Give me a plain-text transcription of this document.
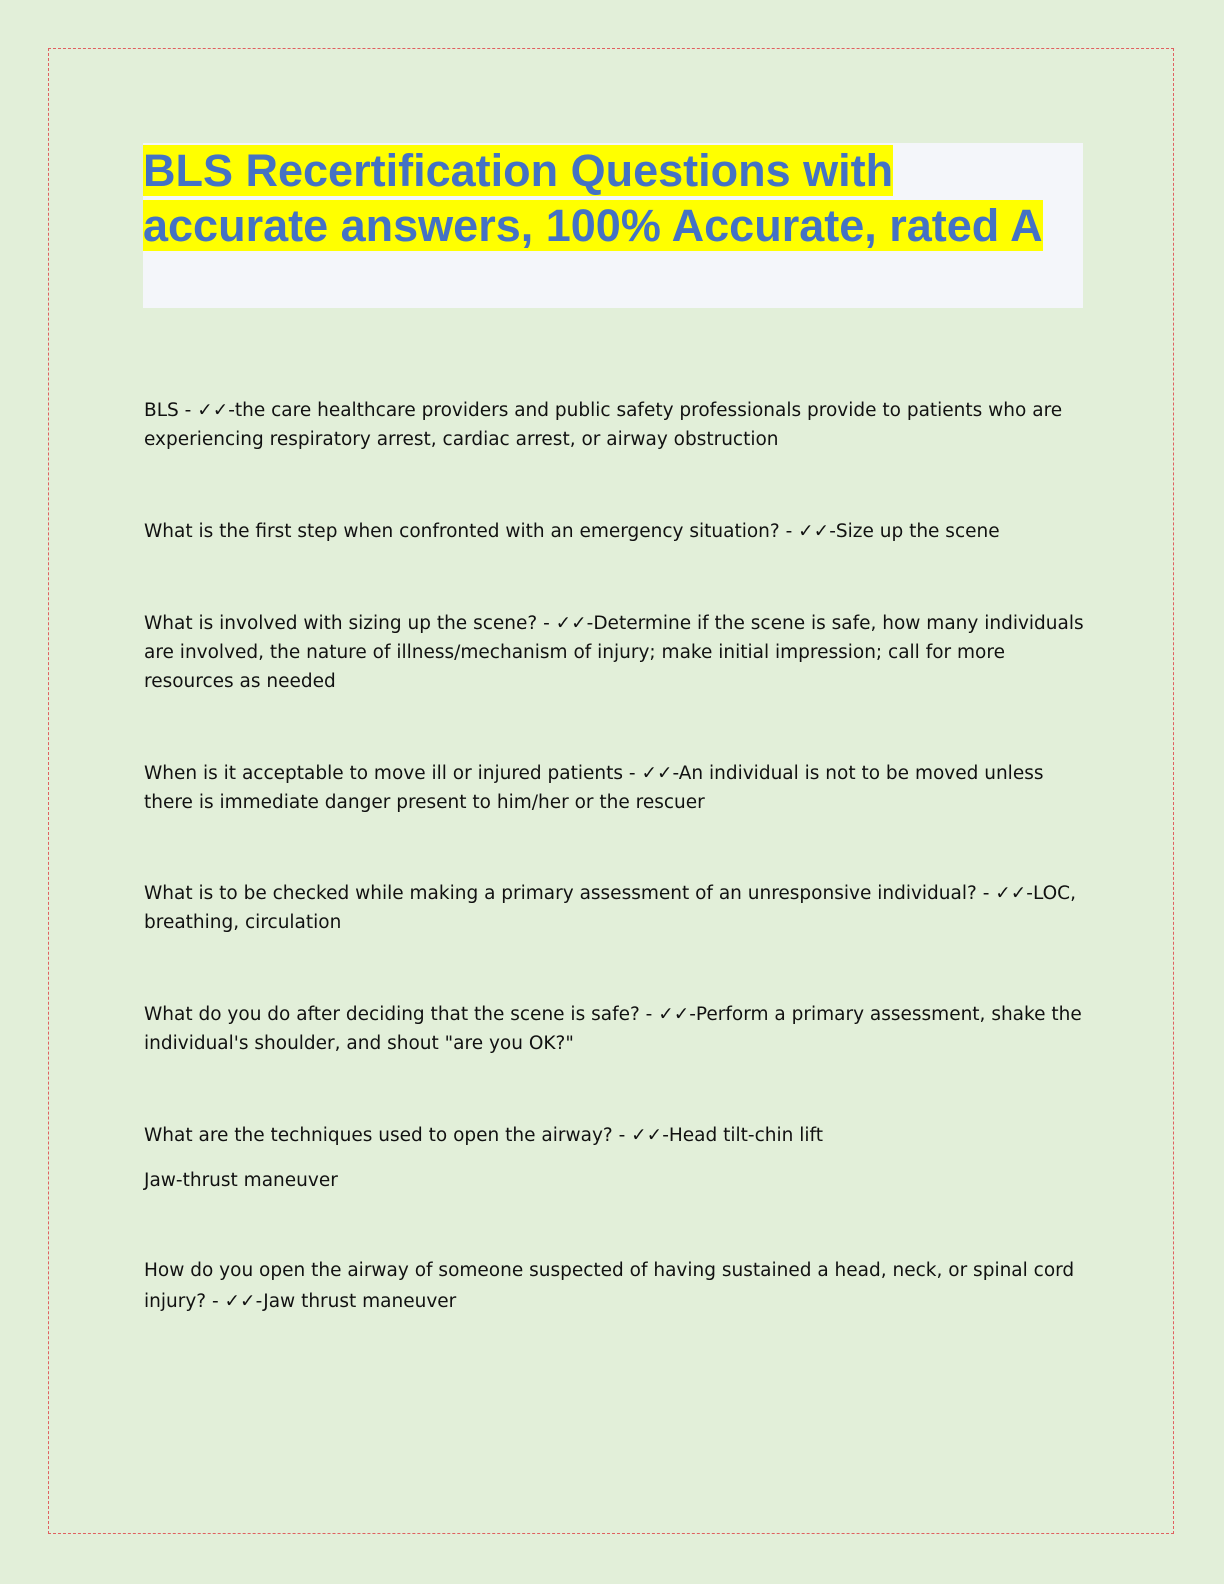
BLS Recertification Questions with accurate answers, 100% Accurate, rated A

BLS - ✓✓-the care healthcare providers and public safety professionals provide to patients who are experiencing respiratory arrest, cardiac arrest, or airway obstruction

What is the first step when confronted with an emergency situation? - ✓✓-Size up the scene

What is involved with sizing up the scene? - ✓✓-Determine if the scene is safe, how many individuals are involved, the nature of illness/mechanism of injury; make initial impression; call for more resources as needed

When is it acceptable to move ill or injured patients - ✓✓-An individual is not to be moved unless there is immediate danger present to him/her or the rescuer

What is to be checked while making a primary assessment of an unresponsive individual? - ✓✓-LOC, breathing, circulation

What do you do after deciding that the scene is safe? - ✓✓-Perform a primary assessment, shake the individual's shoulder, and shout "are you OK?"

What are the techniques used to open the airway? - ✓✓-Head tilt-chin lift

Jaw-thrust maneuver

How do you open the airway of someone suspected of having sustained a head, neck, or spinal cord injury? - ✓✓-Jaw thrust maneuver
